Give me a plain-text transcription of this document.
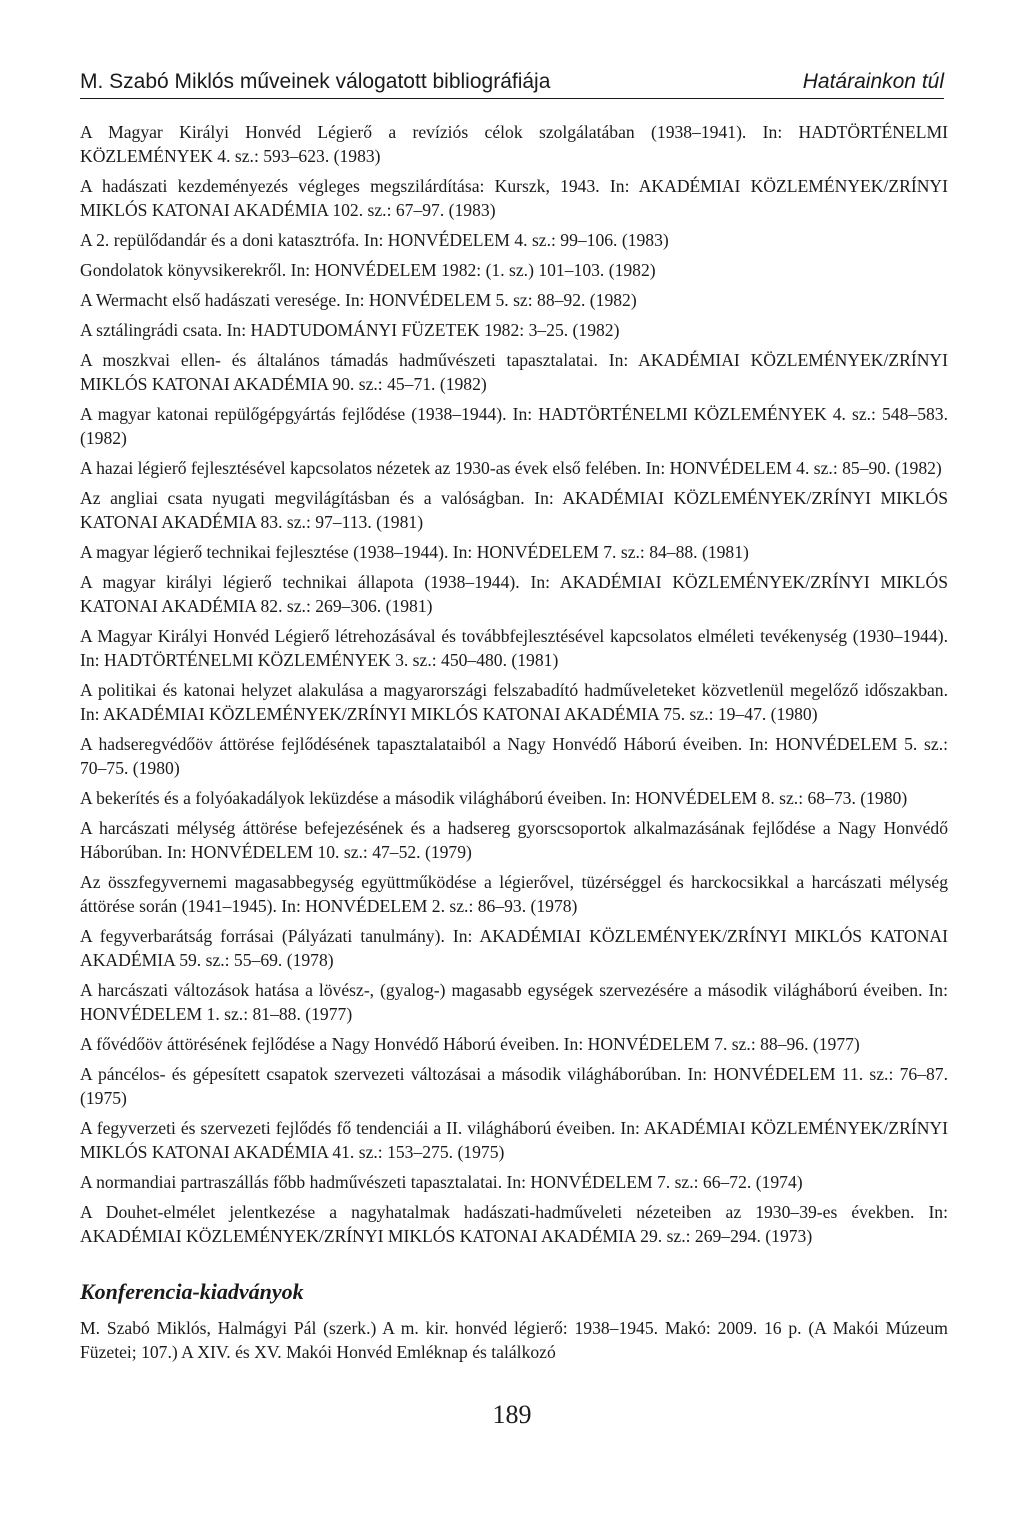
M. Szabó Miklós műveinek válogatott bibliográfiája	Határainkon túl

A Magyar Királyi Honvéd Légierő a revíziós célok szolgálatában (1938–1941). In: HADTÖRTÉNELMI KÖZLEMÉNYEK 4. sz.: 593–623. (1983)

A hadászati kezdeményezés végleges megszilárdítása: Kurszk, 1943. In: AKADÉMIAI KÖZLEMÉNYEK/ZRÍNYI MIKLÓS KATONAI AKADÉMIA 102. sz.: 67–97. (1983)

A 2. repülődandár és a doni katasztrófa. In: HONVÉDELEM 4. sz.: 99–106. (1983)

Gondolatok könyvsikerekről. In: HONVÉDELEM 1982: (1. sz.) 101–103. (1982)

A Wermacht első hadászati veresége. In: HONVÉDELEM 5. sz: 88–92. (1982)

A sztálingrádi csata. In: HADTUDOMÁNYI FÜZETEK 1982: 3–25. (1982)

A moszkvai ellen- és általános támadás hadművészeti tapasztalatai. In: AKADÉMIAI KÖZLEMÉNYEK/ZRÍNYI MIKLÓS KATONAI AKADÉMIA 90. sz.: 45–71. (1982)

A magyar katonai repülőgépgyártás fejlődése (1938–1944). In: HADTÖRTÉNELMI KÖZLEMÉNYEK 4. sz.: 548–583. (1982)

A hazai légierő fejlesztésével kapcsolatos nézetek az 1930-as évek első felében. In: HONVÉDELEM 4. sz.: 85–90. (1982)

Az angliai csata nyugati megvilágításban és a valóságban. In: AKADÉMIAI KÖZLEMÉNYEK/ZRÍNYI MIKLÓS KATONAI AKADÉMIA 83. sz.: 97–113. (1981)

A magyar légierő technikai fejlesztése (1938–1944). In: HONVÉDELEM 7. sz.: 84–88. (1981)

A magyar királyi légierő technikai állapota (1938–1944). In: AKADÉMIAI KÖZLEMÉNYEK/ZRÍNYI MIKLÓS KATONAI AKADÉMIA 82. sz.: 269–306. (1981)

A Magyar Királyi Honvéd Légierő létrehozásával és továbbfejlesztésével kapcsolatos elméleti tevékenység (1930–1944). In: HADTÖRTÉNELMI KÖZLEMÉNYEK 3. sz.: 450–480. (1981)

A politikai és katonai helyzet alakulása a magyarországi felszabadító hadműveleteket közvetlenül megelőző időszakban. In: AKADÉMIAI KÖZLEMÉNYEK/ZRÍNYI MIKLÓS KATONAI AKADÉMIA 75. sz.: 19–47. (1980)

A hadseregvédőöv áttörése fejlődésének tapasztalataiból a Nagy Honvédő Háború éveiben. In: HONVÉDELEM 5. sz.: 70–75. (1980)

A bekerítés és a folyóakadályok leküzdése a második világháború éveiben. In: HONVÉDELEM 8. sz.: 68–73. (1980)

A harcászati mélység áttörése befejezésének és a hadsereg gyorscsoportok alkalmazásának fejlődése a Nagy Honvédő Háborúban. In: HONVÉDELEM 10. sz.: 47–52. (1979)

Az összfegyvernemi magasabbegység együttműködése a légierővel, tüzérséggel és harckocsikkal a harcászati mélység áttörése során (1941–1945). In: HONVÉDELEM 2. sz.: 86–93. (1978)

A fegyverbarátság forrásai (Pályázati tanulmány). In: AKADÉMIAI KÖZLEMÉNYEK/ZRÍNYI MIKLÓS KATONAI AKADÉMIA 59. sz.: 55–69. (1978)

A harcászati változások hatása a lövész-, (gyalog-) magasabb egységek szervezésére a második világháború éveiben. In: HONVÉDELEM 1. sz.: 81–88. (1977)

A fővédőöv áttörésének fejlődése a Nagy Honvédő Háború éveiben. In: HONVÉDELEM 7. sz.: 88–96. (1977)

A páncélos- és gépesített csapatok szervezeti változásai a második világháborúban. In: HONVÉDELEM 11. sz.: 76–87. (1975)

A fegyverzeti és szervezeti fejlődés fő tendenciái a II. világháború éveiben. In: AKADÉMIAI KÖZLEMÉNYEK/ZRÍNYI MIKLÓS KATONAI AKADÉMIA 41. sz.: 153–275. (1975)

A normandiai partraszállás főbb hadművészeti tapasztalatai. In: HONVÉDELEM 7. sz.: 66–72. (1974)

A Douhet-elmélet jelentkezése a nagyhatalmak hadászati-hadműveleti nézeteiben az 1930–39-es években. In: AKADÉMIAI KÖZLEMÉNYEK/ZRÍNYI MIKLÓS KATONAI AKADÉMIA 29. sz.: 269–294. (1973)

Konferencia-kiadványok

M. Szabó Miklós, Halmágyi Pál (szerk.) A m. kir. honvéd légierő: 1938–1945. Makó: 2009. 16 p. (A Makói Múzeum Füzetei; 107.) A XIV. és XV. Makói Honvéd Emléknap és találkozó

189
